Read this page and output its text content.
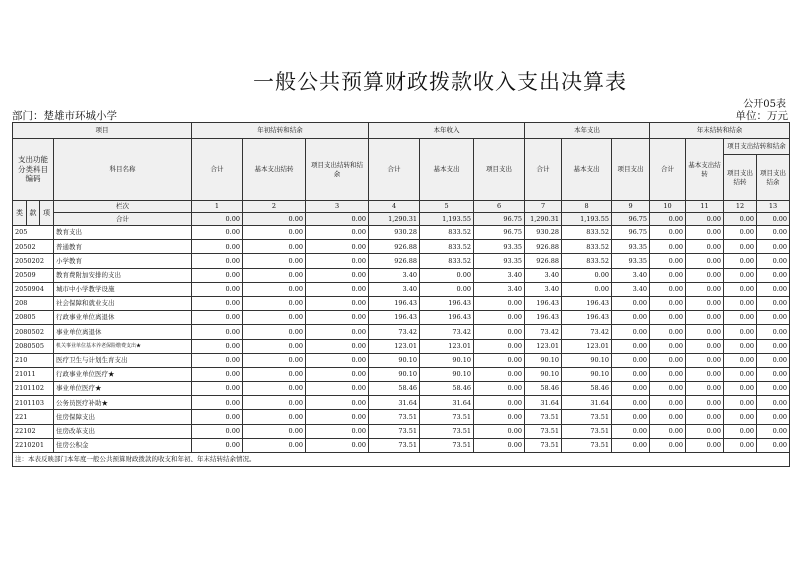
一般公共预算财政拨款收入支出决算表
公开05表
部门：楚雄市环城小学	单位：万元
项目				年初结转和结余			本年收入			本年支出			年末结转和结余			
支出功能分类科目编码			科目名称	合计	基本支出结转	项目支出结转和结余	合计	基本支出	项目支出	合计	基本支出	项目支出	合计	基本支出结转	项目支出结转和结余	
															项目支出结转	项目支出结余
类	款	项	栏次	1	2	3	4	5	6	7	8	9	10	11	12	13
			合计	0.00	0.00	0.00	1,290.31	1,193.55	96.75	1,290.31	1,193.55	96.75	0.00	0.00	0.00	0.00
205			教育支出	0.00	0.00	0.00	930.28	833.52	96.75	930.28	833.52	96.75	0.00	0.00	0.00	0.00
20502			普通教育	0.00	0.00	0.00	926.88	833.52	93.35	926.88	833.52	93.35	0.00	0.00	0.00	0.00
2050202			小学教育	0.00	0.00	0.00	926.88	833.52	93.35	926.88	833.52	93.35	0.00	0.00	0.00	0.00
20509			教育费附加安排的支出	0.00	0.00	0.00	3.40	0.00	3.40	3.40	0.00	3.40	0.00	0.00	0.00	0.00
2050904			城市中小学教学设施	0.00	0.00	0.00	3.40	0.00	3.40	3.40	0.00	3.40	0.00	0.00	0.00	0.00
208			社会保障和就业支出	0.00	0.00	0.00	196.43	196.43	0.00	196.43	196.43	0.00	0.00	0.00	0.00	0.00
20805			行政事业单位离退休	0.00	0.00	0.00	196.43	196.43	0.00	196.43	196.43	0.00	0.00	0.00	0.00	0.00
2080502			事业单位离退休	0.00	0.00	0.00	73.42	73.42	0.00	73.42	73.42	0.00	0.00	0.00	0.00	0.00
2080505			机关事业单位基本养老保险缴费支出★	0.00	0.00	0.00	123.01	123.01	0.00	123.01	123.01	0.00	0.00	0.00	0.00	0.00
210			医疗卫生与计划生育支出	0.00	0.00	0.00	90.10	90.10	0.00	90.10	90.10	0.00	0.00	0.00	0.00	0.00
21011			行政事业单位医疗★	0.00	0.00	0.00	90.10	90.10	0.00	90.10	90.10	0.00	0.00	0.00	0.00	0.00
2101102			事业单位医疗★	0.00	0.00	0.00	58.46	58.46	0.00	58.46	58.46	0.00	0.00	0.00	0.00	0.00
2101103			公务员医疗补助★	0.00	0.00	0.00	31.64	31.64	0.00	31.64	31.64	0.00	0.00	0.00	0.00	0.00
221			住房保障支出	0.00	0.00	0.00	73.51	73.51	0.00	73.51	73.51	0.00	0.00	0.00	0.00	0.00
22102			住房改革支出	0.00	0.00	0.00	73.51	73.51	0.00	73.51	73.51	0.00	0.00	0.00	0.00	0.00
2210201			住房公积金	0.00	0.00	0.00	73.51	73.51	0.00	73.51	73.51	0.00	0.00	0.00	0.00	0.00
注：本表反映部门本年度一般公共预算财政拨款的收支和年初、年末结转结余情况。																
